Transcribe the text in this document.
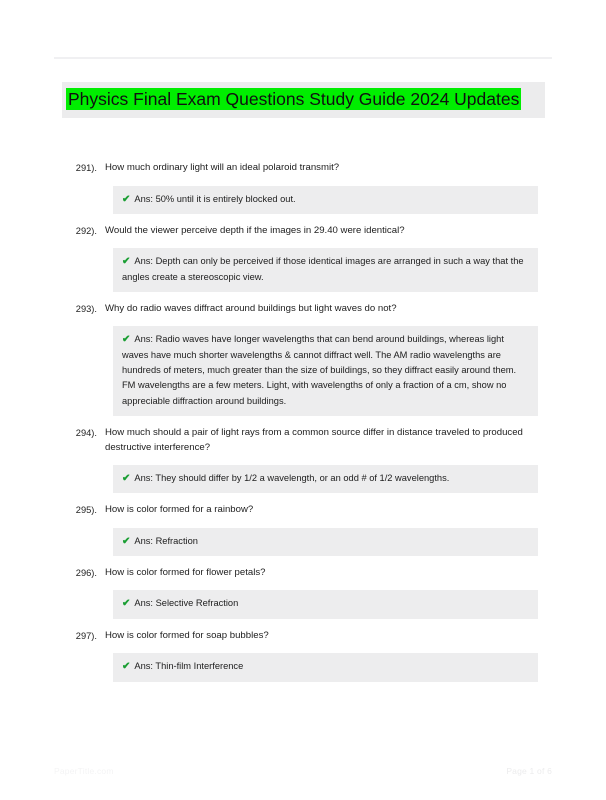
Physics Final Exam Questions Study Guide 2024 Updates
291). How much ordinary light will an ideal polaroid transmit?
✔ Ans: 50% until it is entirely blocked out.
292). Would the viewer perceive depth if the images in 29.40 were identical?
✔ Ans: Depth can only be perceived if those identical images are arranged in such a way that the angles create a stereoscopic view.
293). Why do radio waves diffract around buildings but light waves do not?
✔ Ans: Radio waves have longer wavelengths that can bend around buildings, whereas light waves have much shorter wavelengths & cannot diffract well. The AM radio wavelengths are hundreds of meters, much greater than the size of buildings, so they diffract easily around them. FM wavelengths are a few meters. Light, with wavelengths of only a fraction of a cm, show no appreciable diffraction around buildings.
294). How much should a pair of light rays from a common source differ in distance traveled to produced destructive interference?
✔ Ans: They should differ by 1/2 a wavelength, or an odd # of 1/2 wavelengths.
295). How is color formed for a rainbow?
✔ Ans: Refraction
296). How is color formed for flower petals?
✔ Ans: Selective Refraction
297). How is color formed for soap bubbles?
✔ Ans: Thin-film Interference
PaperTitle.com	Page 1 of 6
